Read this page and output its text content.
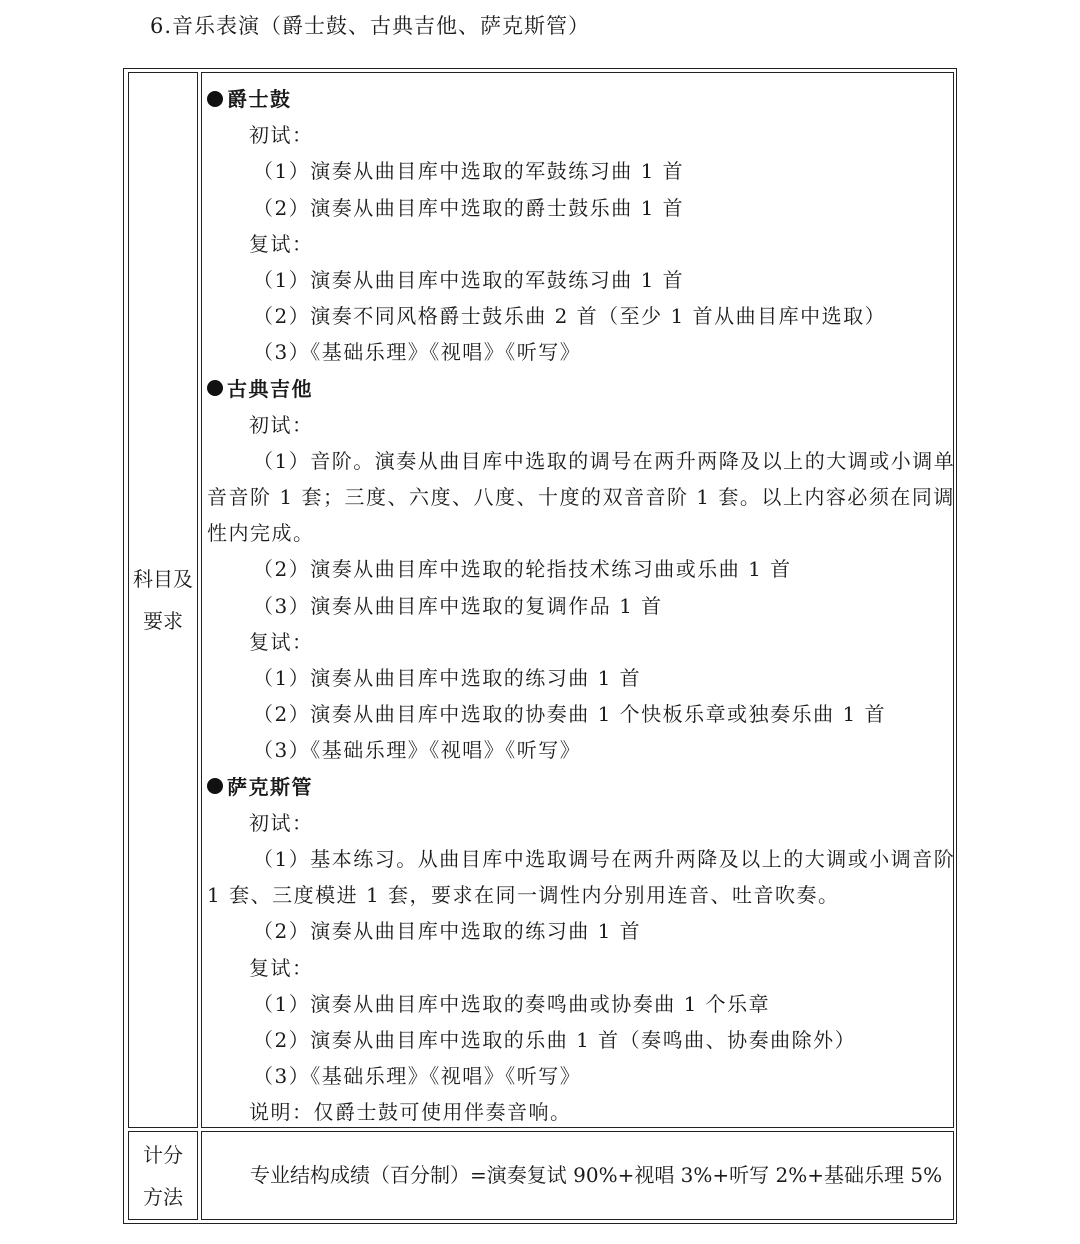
6.音乐表演（爵士鼓、古典吉他、萨克斯管）
科目及
要求
爵士鼓
初试：
（1）演奏从曲目库中选取的军鼓练习曲 1 首
（2）演奏从曲目库中选取的爵士鼓乐曲 1 首
复试：
（1）演奏从曲目库中选取的军鼓练习曲 1 首
（2）演奏不同风格爵士鼓乐曲 2 首（至少 1 首从曲目库中选取）
（3）《基础乐理》《视唱》《听写》
古典吉他
初试：
（1）音阶。演奏从曲目库中选取的调号在两升两降及以上的大调或小调单
音音阶 1 套；三度、六度、八度、十度的双音音阶 1 套。以上内容必须在同调
性内完成。
（2）演奏从曲目库中选取的轮指技术练习曲或乐曲 1 首
（3）演奏从曲目库中选取的复调作品 1 首
复试：
（1）演奏从曲目库中选取的练习曲 1 首
（2）演奏从曲目库中选取的协奏曲 1 个快板乐章或独奏乐曲 1 首
（3）《基础乐理》《视唱》《听写》
萨克斯管
初试：
（1）基本练习。从曲目库中选取调号在两升两降及以上的大调或小调音阶
1 套、三度模进 1 套，要求在同一调性内分别用连音、吐音吹奏。
（2）演奏从曲目库中选取的练习曲 1 首
复试：
（1）演奏从曲目库中选取的奏鸣曲或协奏曲 1 个乐章
（2）演奏从曲目库中选取的乐曲 1 首（奏鸣曲、协奏曲除外）
（3）《基础乐理》《视唱》《听写》
说明：仅爵士鼓可使用伴奏音响。
计分
方法
专业结构成绩（百分制）=演奏复试 90%+视唱 3%+听写 2%+基础乐理 5%
